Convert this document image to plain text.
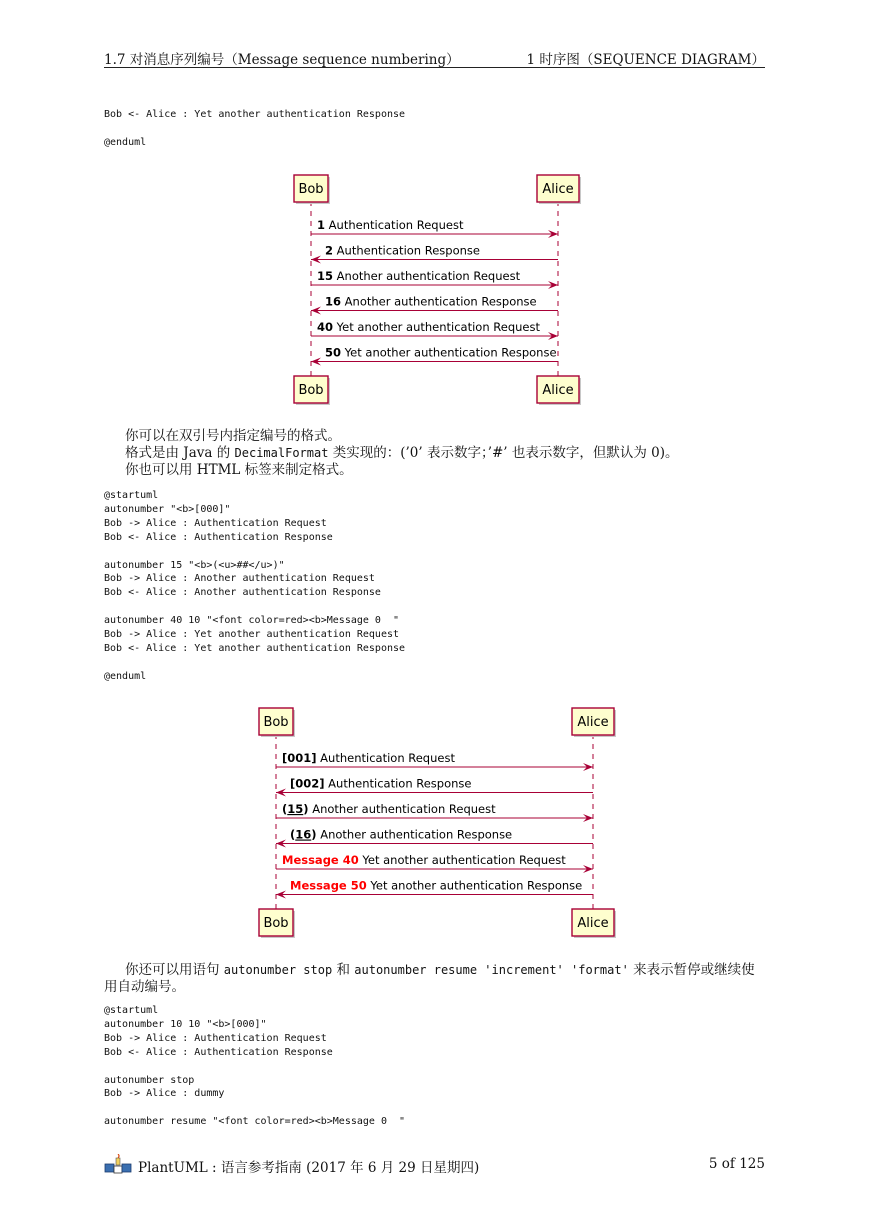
1.7 对消息序列编号（Message sequence numbering）	1 时序图（SEQUENCE DIAGRAM）
Bob <- Alice : Yet another authentication Response

@enduml
Bob	Alice
Bob	Alice
1 Authentication Request
2 Authentication Response
15 Another authentication Request
16 Another authentication Response
40 Yet another authentication Request
50 Yet another authentication Response

你可以在双引号内指定编号的格式。

格式是由 Java 的 DecimalFormat 类实现的：(’0’ 表示数字；’#’ 也表示数字，但默认为 0)。

你也可以用 HTML 标签来制定格式。

@startuml
autonumber "<b>[000]"
Bob -> Alice : Authentication Request
Bob <- Alice : Authentication Response

autonumber 15 "<b>(<u>##</u>)"
Bob -> Alice : Another authentication Request
Bob <- Alice : Another authentication Response

autonumber 40 10 "<font color=red><b>Message 0  "
Bob -> Alice : Yet another authentication Request
Bob <- Alice : Yet another authentication Response

@enduml
Bob	Alice
Bob	Alice
[001] Authentication Request
[002] Authentication Response
(15) Another authentication Request
(16) Another authentication Response
Message 40 Yet another authentication Request
Message 50 Yet another authentication Response

你还可以用语句 autonumber stop 和 autonumber resume 'increment' 'format' 来表示暂停或继续使用自动编号。

@startuml
autonumber 10 10 "<b>[000]"
Bob -> Alice : Authentication Request
Bob <- Alice : Authentication Response

autonumber stop
Bob -> Alice : dummy

autonumber resume "<font color=red><b>Message 0  "
PlantUML : 语言参考指南 (2017 年 6 月 29 日星期四)	5 of 125
